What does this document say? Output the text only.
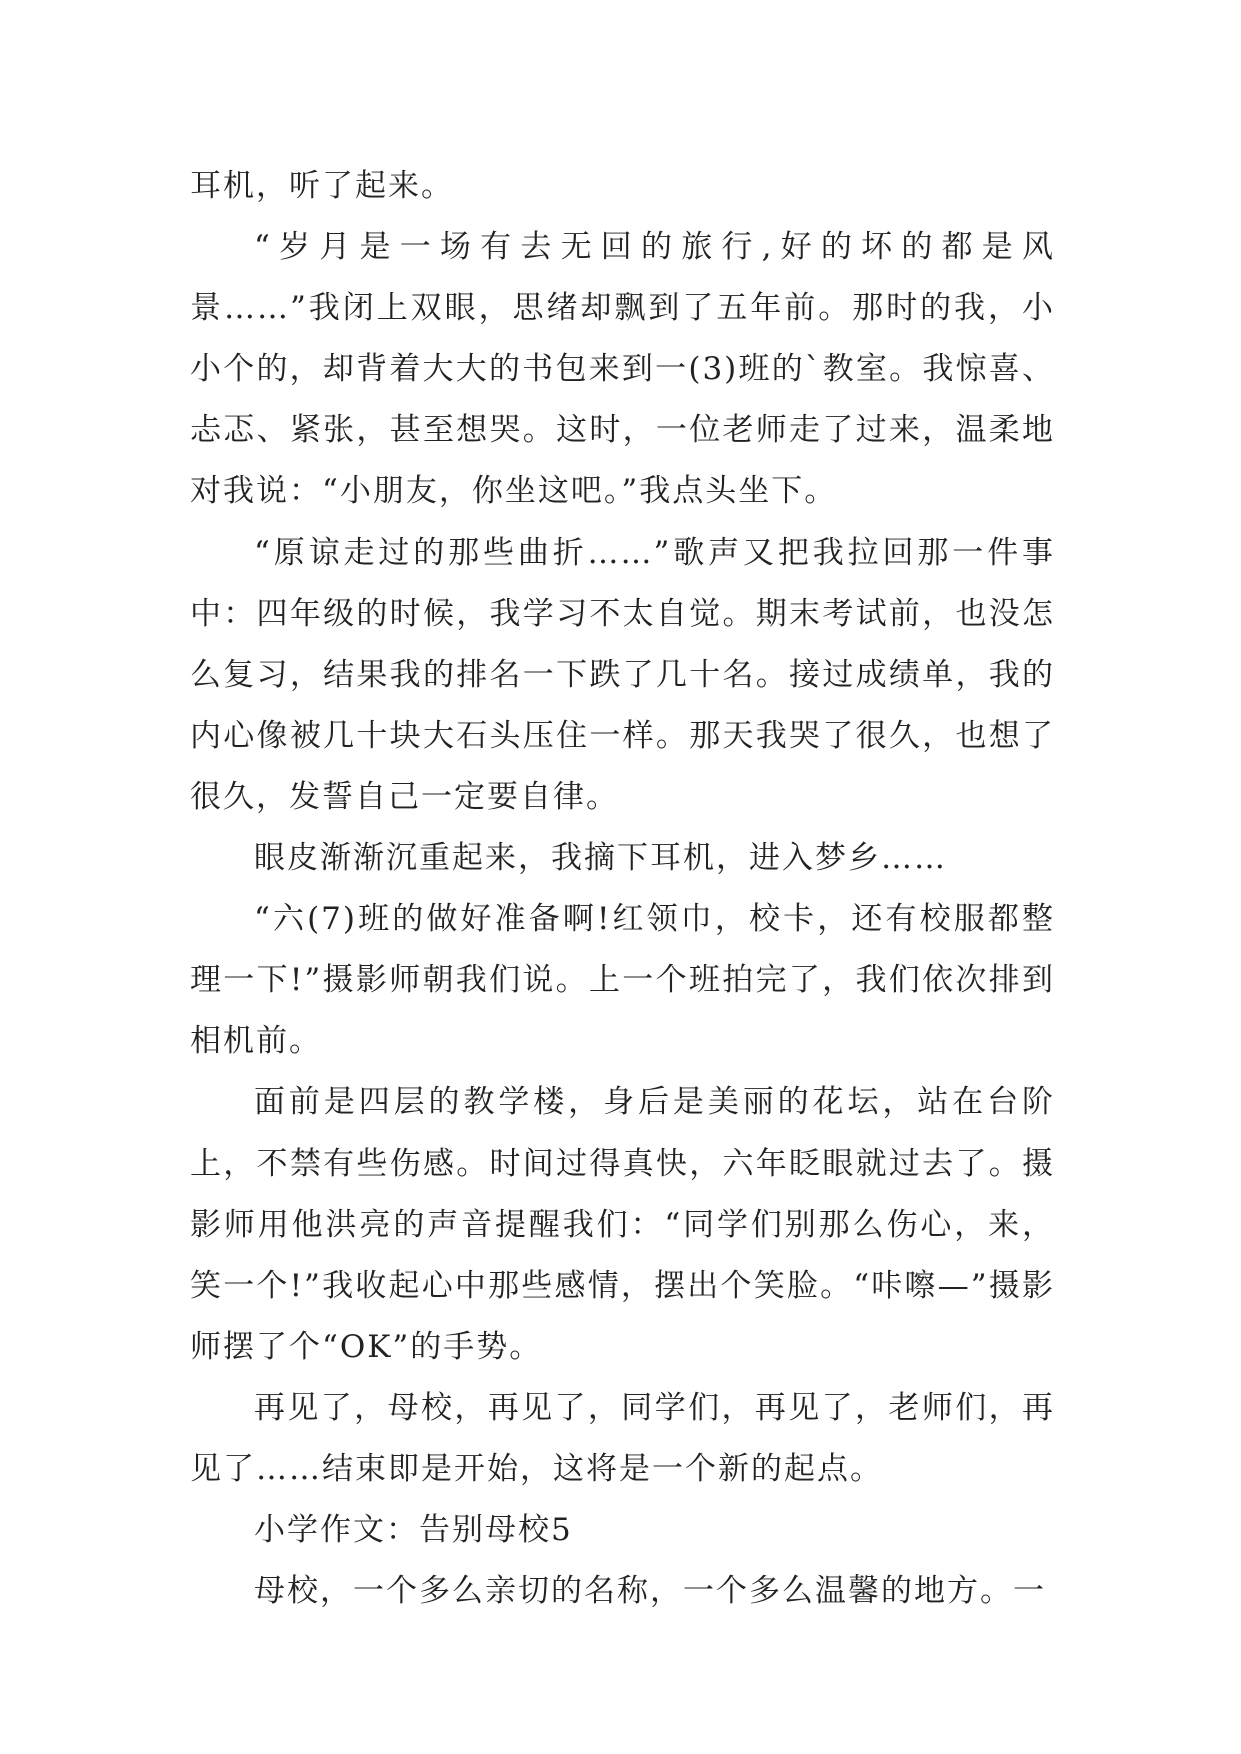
耳机，听了起来。

“岁月是一场有去无回的旅行,好的坏的都是风景……”我闭上双眼，思绪却飘到了五年前。那时的我，小小个的，却背着大大的书包来到一(3)班的`教室。我惊喜、忐忑、紧张，甚至想哭。这时，一位老师走了过来，温柔地对我说：“小朋友，你坐这吧。”我点头坐下。

“原谅走过的那些曲折……”歌声又把我拉回那一件事中：四年级的时候，我学习不太自觉。期末考试前，也没怎么复习，结果我的排名一下跌了几十名。接过成绩单，我的内心像被几十块大石头压住一样。那天我哭了很久，也想了很久，发誓自己一定要自律。

眼皮渐渐沉重起来，我摘下耳机，进入梦乡……

“六(7)班的做好准备啊!红领巾，校卡，还有校服都整理一下!”摄影师朝我们说。上一个班拍完了，我们依次排到相机前。

面前是四层的教学楼，身后是美丽的花坛，站在台阶上，不禁有些伤感。时间过得真快，六年眨眼就过去了。摄影师用他洪亮的声音提醒我们：“同学们别那么伤心，来，笑一个!”我收起心中那些感情，摆出个笑脸。“咔嚓—”摄影师摆了个“OK”的手势。

再见了，母校，再见了，同学们，再见了，老师们，再见了……结束即是开始，这将是一个新的起点。

小学作文：告别母校5

母校，一个多么亲切的名称，一个多么温馨的地方。一
